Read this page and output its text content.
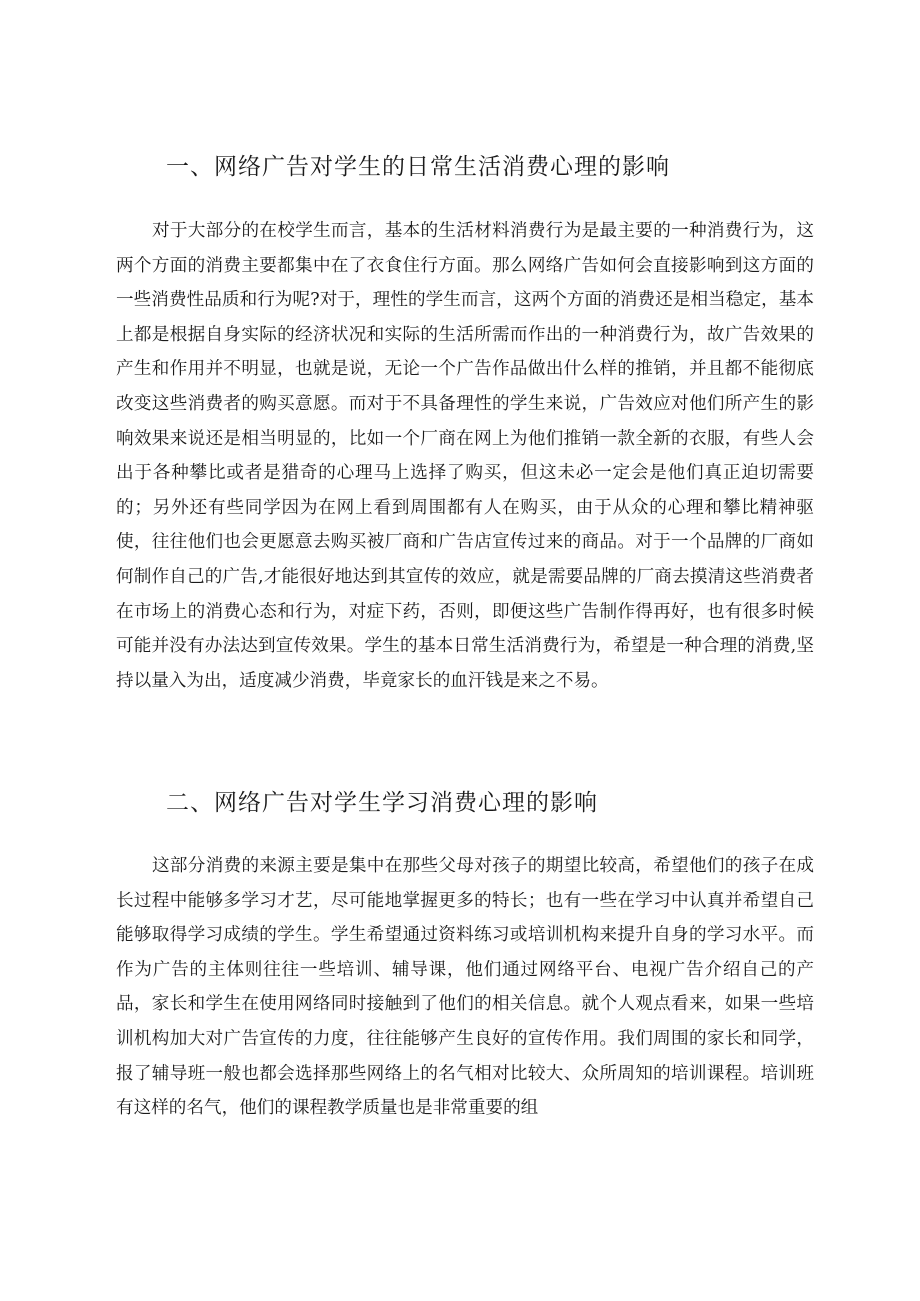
一、网络广告对学生的日常生活消费心理的影响

对于大部分的在校学生而言，基本的生活材料消费行为是最主要的一种消费行为，这两个方面的消费主要都集中在了衣食住行方面。那么网络广告如何会直接影响到这方面的一些消费性品质和行为呢?对于，理性的学生而言，这两个方面的消费还是相当稳定，基本上都是根据自身实际的经济状况和实际的生活所需而作出的一种消费行为，故广告效果的产生和作用并不明显，也就是说，无论一个广告作品做出什么样的推销，并且都不能彻底改变这些消费者的购买意愿。而对于不具备理性的学生来说，广告效应对他们所产生的影响效果来说还是相当明显的，比如一个厂商在网上为他们推销一款全新的衣服，有些人会出于各种攀比或者是猎奇的心理马上选择了购买，但这未必一定会是他们真正迫切需要的；另外还有些同学因为在网上看到周围都有人在购买，由于从众的心理和攀比精神驱使，往往他们也会更愿意去购买被厂商和广告店宣传过来的商品。对于一个品牌的厂商如何制作自己的广告,才能很好地达到其宣传的效应，就是需要品牌的厂商去摸清这些消费者在市场上的消费心态和行为，对症下药，否则，即便这些广告制作得再好，也有很多时候可能并没有办法达到宣传效果。学生的基本日常生活消费行为，希望是一种合理的消费,坚持以量入为出，适度减少消费，毕竟家长的血汗钱是来之不易。

二、网络广告对学生学习消费心理的影响

这部分消费的来源主要是集中在那些父母对孩子的期望比较高，希望他们的孩子在成长过程中能够多学习才艺，尽可能地掌握更多的特长；也有一些在学习中认真并希望自己能够取得学习成绩的学生。学生希望通过资料练习或培训机构来提升自身的学习水平。而作为广告的主体则往往一些培训、辅导课，他们通过网络平台、电视广告介绍自己的产品，家长和学生在使用网络同时接触到了他们的相关信息。就个人观点看来，如果一些培训机构加大对广告宣传的力度，往往能够产生良好的宣传作用。我们周围的家长和同学，报了辅导班一般也都会选择那些网络上的名气相对比较大、众所周知的培训课程。培训班有这样的名气，他们的课程教学质量也是非常重要的组
